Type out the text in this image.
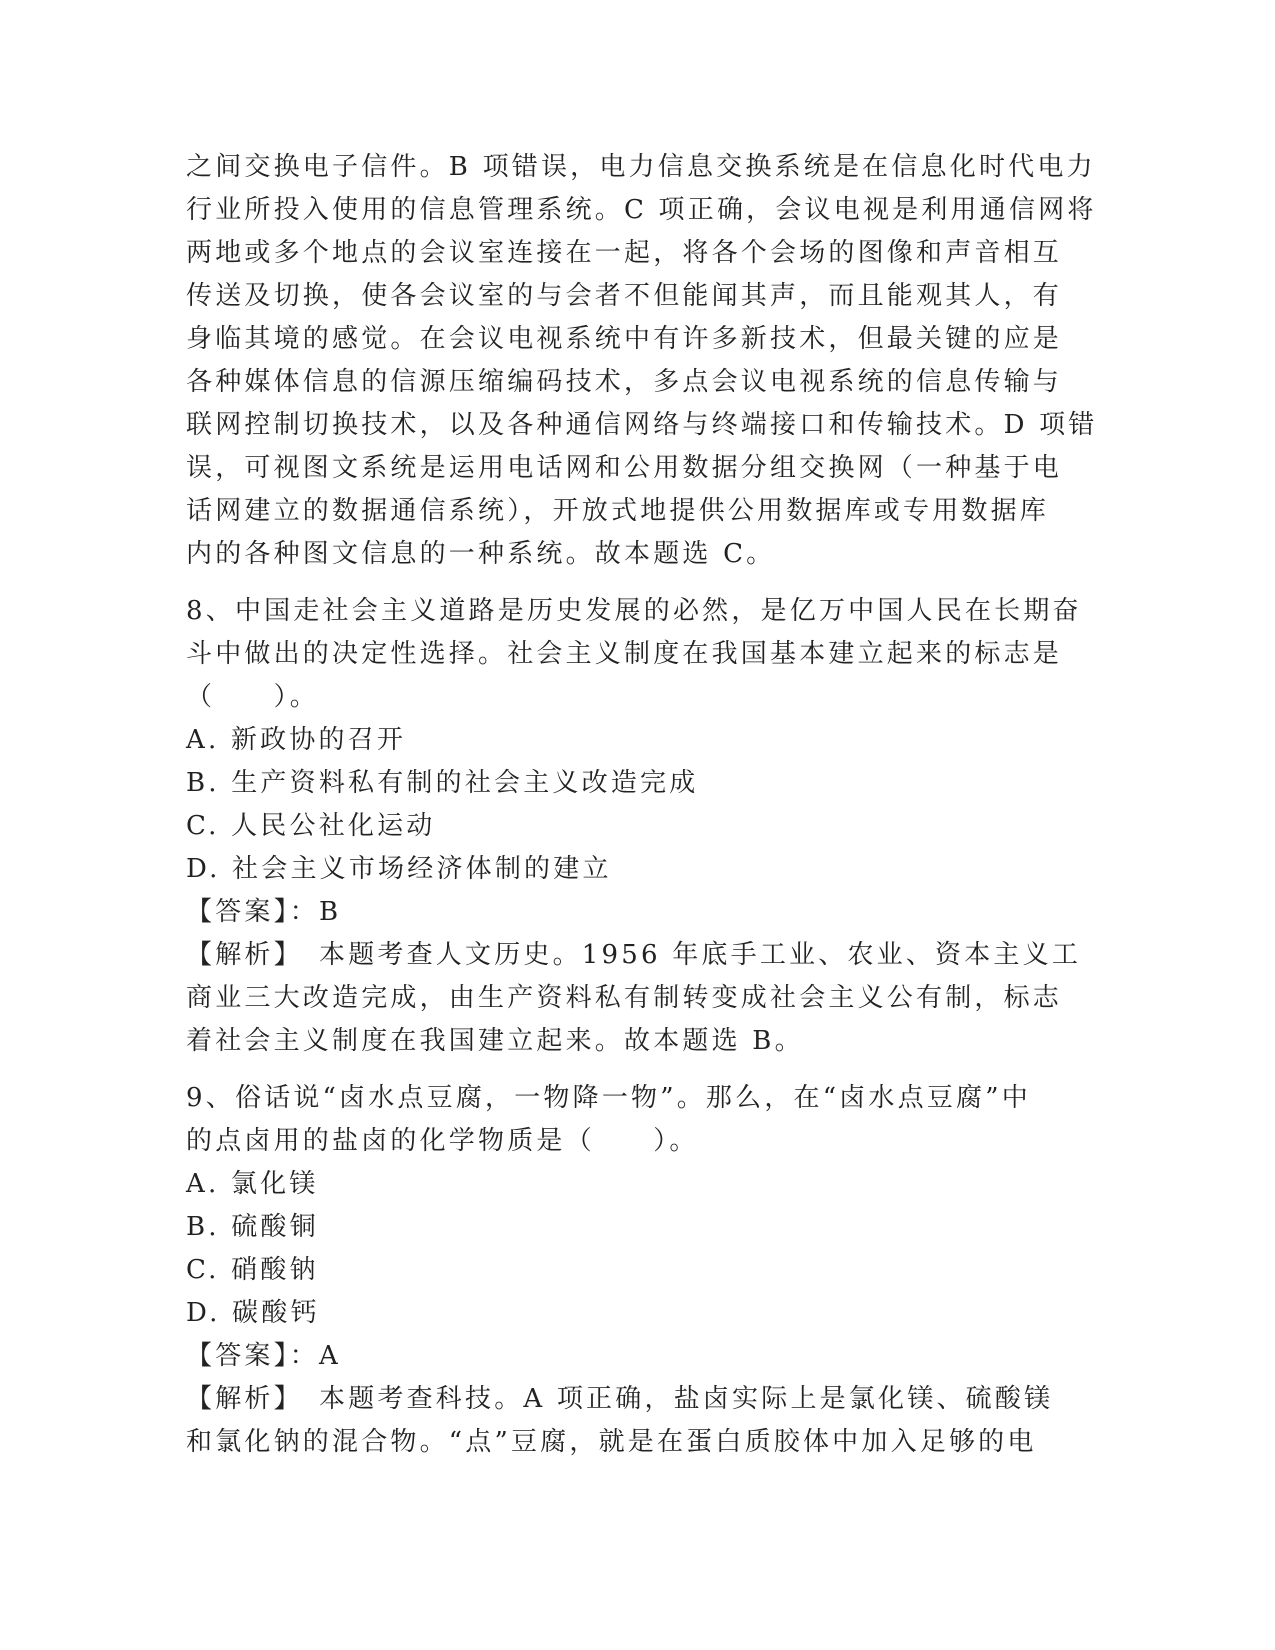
之间交换电子信件。B 项错误，电力信息交换系统是在信息化时代电力
行业所投入使用的信息管理系统。C 项正确，会议电视是利用通信网将
两地或多个地点的会议室连接在一起，将各个会场的图像和声音相互
传送及切换，使各会议室的与会者不但能闻其声，而且能观其人，有
身临其境的感觉。在会议电视系统中有许多新技术，但最关键的应是
各种媒体信息的信源压缩编码技术，多点会议电视系统的信息传输与
联网控制切换技术，以及各种通信网络与终端接口和传输技术。D 项错
误，可视图文系统是运用电话网和公用数据分组交换网（一种基于电
话网建立的数据通信系统），开放式地提供公用数据库或专用数据库
内的各种图文信息的一种系统。故本题选 C。
8、中国走社会主义道路是历史发展的必然，是亿万中国人民在长期奋
斗中做出的决定性选择。社会主义制度在我国基本建立起来的标志是
（　　）。
A. 新政协的召开
B. 生产资料私有制的社会主义改造完成
C. 人民公社化运动
D. 社会主义市场经济体制的建立
【答案】：B
【解析】　本题考查人文历史。1956 年底手工业、农业、资本主义工
商业三大改造完成，由生产资料私有制转变成社会主义公有制，标志
着社会主义制度在我国建立起来。故本题选 B。
9、俗话说“卤水点豆腐，一物降一物”。那么，在“卤水点豆腐”中
的点卤用的盐卤的化学物质是（　　）。
A. 氯化镁
B. 硫酸铜
C. 硝酸钠
D. 碳酸钙
【答案】：A
【解析】　本题考查科技。A 项正确，盐卤实际上是氯化镁、硫酸镁
和氯化钠的混合物。“点”豆腐，就是在蛋白质胶体中加入足够的电
